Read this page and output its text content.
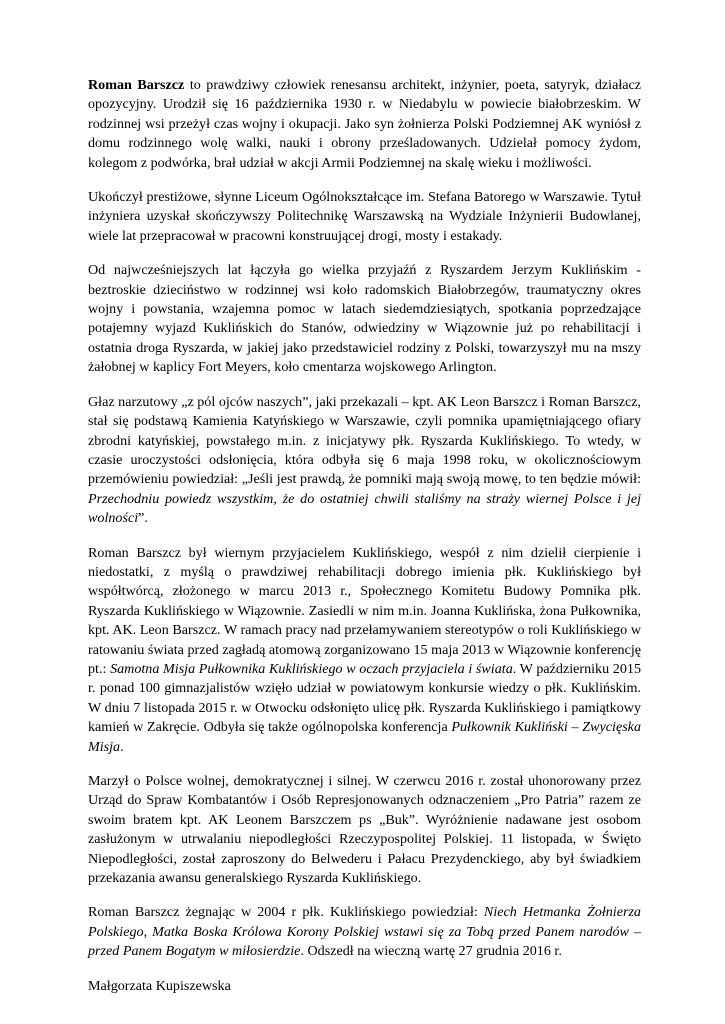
Roman Barszcz to prawdziwy człowiek renesansu architekt, inżynier, poeta, satyryk, działacz opozycyjny. Urodził się 16 października 1930 r. w Niedabylu w powiecie białobrzeskim. W rodzinnej wsi przeżył czas wojny i okupacji. Jako syn żołnierza Polski Podziemnej AK wyniósł z domu rodzinnego wolę walki, nauki i obrony prześladowanych. Udzielał pomocy żydom, kolegom z podwórka, brał udział w akcji Armii Podziemnej na skalę wieku i możliwości.

Ukończył prestiżowe, słynne Liceum Ogólnokształcące im. Stefana Batorego w Warszawie. Tytuł inżyniera uzyskał skończywszy Politechnikę Warszawską na Wydziale Inżynierii Budowlanej, wiele lat przepracował w pracowni konstruującej drogi, mosty i estakady.

Od najwcześniejszych lat łączyła go wielka przyjaźń z Ryszardem Jerzym Kuklińskim -beztroskie dzieciństwo w rodzinnej wsi koło radomskich Białobrzegów, traumatyczny okres wojny i powstania, wzajemna pomoc w latach siedemdziesiątych, spotkania poprzedzające potajemny wyjazd Kuklińskich do Stanów, odwiedziny w Wiązownie już po rehabilitacji i ostatnia droga Ryszarda, w jakiej jako przedstawiciel rodziny z Polski, towarzyszył mu na mszy żałobnej w kaplicy Fort Meyers, koło cmentarza wojskowego Arlington.

Głaz narzutowy „z pól ojców naszych”, jaki przekazali – kpt. AK Leon Barszcz i Roman Barszcz, stał się podstawą Kamienia Katyńskiego w Warszawie, czyli pomnika upamiętniającego ofiary zbrodni katyńskiej, powstałego m.in. z inicjatywy płk. Ryszarda Kuklińskiego. To wtedy, w czasie uroczystości odsłonięcia, która odbyła się 6 maja 1998 roku, w okolicznościowym przemówieniu powiedział: „Jeśli jest prawdą, że pomniki mają swoją mowę, to ten będzie mówił: Przechodniu powiedz wszystkim, że do ostatniej chwili staliśmy na straży wiernej Polsce i jej wolności”.

Roman Barszcz był wiernym przyjacielem Kuklińskiego, wespół z nim dzielił cierpienie i niedostatki, z myślą o prawdziwej rehabilitacji dobrego imienia płk. Kuklińskiego był współtwórcą, złożonego w marcu 2013 r., Społecznego Komitetu Budowy Pomnika płk. Ryszarda Kuklińskiego w Wiązownie. Zasiedli w nim m.in. Joanna Kuklińska, żona Pułkownika, kpt. AK. Leon Barszcz. W ramach pracy nad przełamywaniem stereotypów o roli Kuklińskiego w ratowaniu świata przed zagładą atomową zorganizowano 15 maja 2013 w Wiązownie konferencję pt.: Samotna Misja Pułkownika Kuklińskiego w oczach przyjaciela i świata. W październiku 2015 r. ponad 100 gimnazjalistów wzięło udział w powiatowym konkursie wiedzy o płk. Kuklińskim. W dniu 7 listopada 2015 r. w Otwocku odsłonięto ulicę płk. Ryszarda Kuklińskiego i pamiątkowy kamień w Zakręcie. Odbyła się także ogólnopolska konferencja Pułkownik Kukliński – Zwycięska Misja.

Marzył o Polsce wolnej, demokratycznej i silnej. W czerwcu 2016 r. został uhonorowany przez Urząd do Spraw Kombatantów i Osób Represjonowanych odznaczeniem „Pro Patria” razem ze swoim bratem kpt. AK Leonem Barszczem ps „Buk”. Wyróżnienie nadawane jest osobom zasłużonym w utrwalaniu niepodległości Rzeczypospolitej Polskiej. 11 listopada, w Święto Niepodległości, został zaproszony do Belwederu i Pałacu Prezydenckiego, aby był świadkiem przekazania awansu generalskiego Ryszarda Kuklińskiego.

Roman Barszcz żegnając w 2004 r płk. Kuklińskiego powiedział: Niech Hetmanka Żołnierza Polskiego, Matka Boska Królowa Korony Polskiej wstawi się za Tobą przed Panem narodów – przed Panem Bogatym w miłosierdzie. Odszedł na wieczną wartę 27 grudnia 2016 r.

Małgorzata Kupiszewska
